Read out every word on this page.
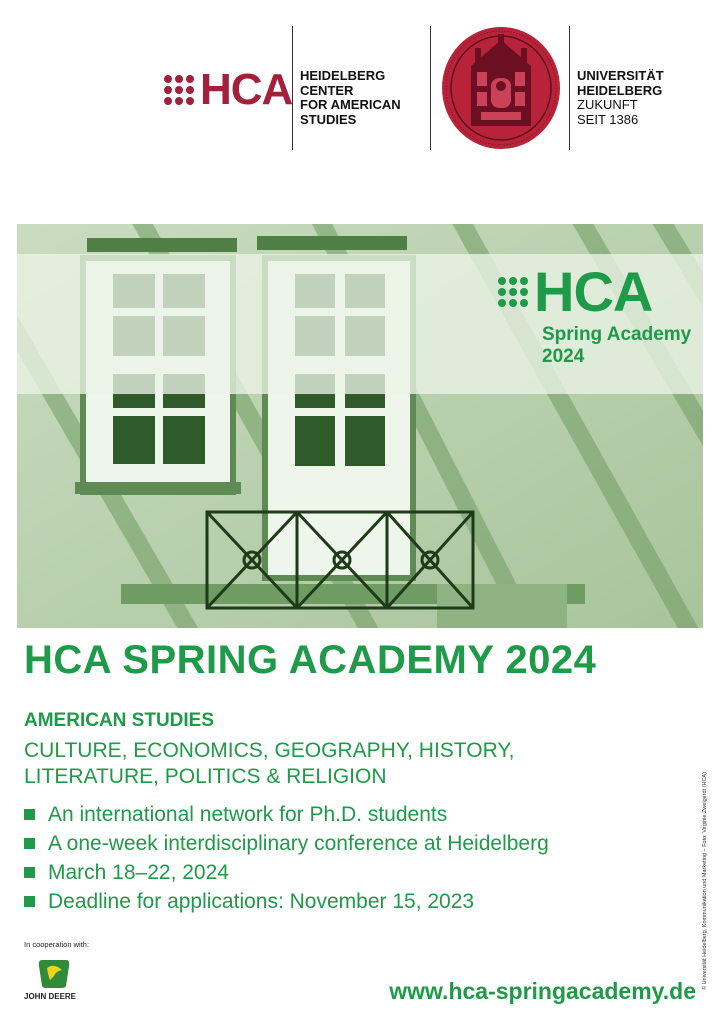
HCA HEIDELBERG
CENTER
FOR AMERICAN
STUDIES
UNIVERSITÄT
HEIDELBERG
ZUKUNFT
SEIT 1386
HCA
Spring Academy
2024
HCA SPRING ACADEMY 2024
AMERICAN STUDIES
CULTURE, ECONOMICS, GEOGRAPHY, HISTORY,
LITERATURE, POLITICS & RELIGION
An international network for Ph.D. students
A one-week interdisciplinary conference at Heidelberg
March 18–22, 2024
Deadline for applications: November 15, 2023
In cooperation with:
JOHN DEERE	www.hca-springacademy.de
© Universität Heidelberg, Kommunikation und Marketing – Foto: Virginie Zweigerdt (HCA)
